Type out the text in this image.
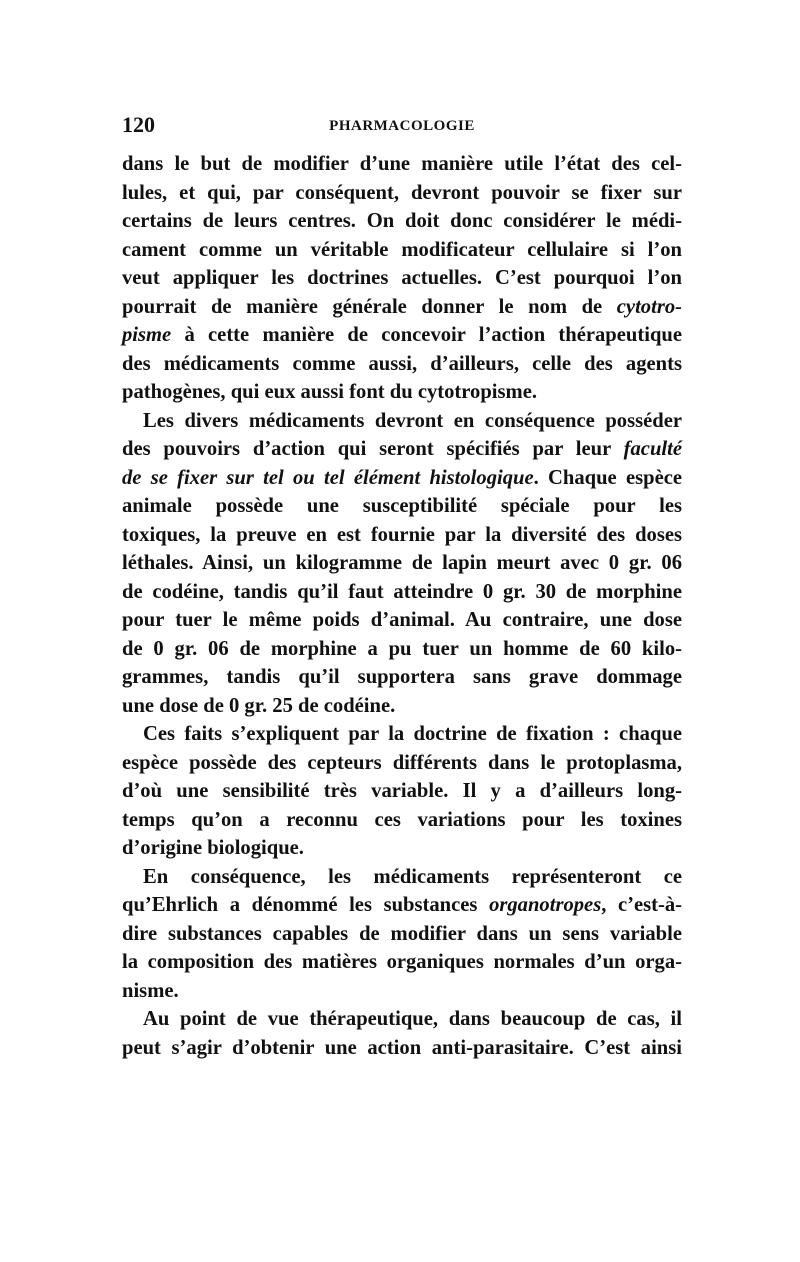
120	PHARMACOLOGIE
dans le but de modifier d’une manière utile l’état des cel-
lules, et qui, par conséquent, devront pouvoir se fixer sur
certains de leurs centres. On doit donc considérer le médi-
cament comme un véritable modificateur cellulaire si l’on
veut appliquer les doctrines actuelles. C’est pourquoi l’on
pourrait de manière générale donner le nom de cytotro-
pisme à cette manière de concevoir l’action thérapeutique
des médicaments comme aussi, d’ailleurs, celle des agents
pathogènes, qui eux aussi font du cytotropisme.
Les divers médicaments devront en conséquence posséder
des pouvoirs d’action qui seront spécifiés par leur faculté
de se fixer sur tel ou tel élément histologique. Chaque espèce
animale possède une susceptibilité spéciale pour les
toxiques, la preuve en est fournie par la diversité des doses
léthales. Ainsi, un kilogramme de lapin meurt avec 0 gr. 06
de codéine, tandis qu’il faut atteindre 0 gr. 30 de morphine
pour tuer le même poids d’animal. Au contraire, une dose
de 0 gr. 06 de morphine a pu tuer un homme de 60 kilo-
grammes, tandis qu’il supportera sans grave dommage
une dose de 0 gr. 25 de codéine.
Ces faits s’expliquent par la doctrine de fixation : chaque
espèce possède des cepteurs différents dans le protoplasma,
d’où une sensibilité très variable. Il y a d’ailleurs long-
temps qu’on a reconnu ces variations pour les toxines
d’origine biologique.
En conséquence, les médicaments représenteront ce
qu’Ehrlich a dénommé les substances organotropes, c’est-à-
dire substances capables de modifier dans un sens variable
la composition des matières organiques normales d’un orga-
nisme.
Au point de vue thérapeutique, dans beaucoup de cas, il
peut s’agir d’obtenir une action anti-parasitaire. C’est ainsi
